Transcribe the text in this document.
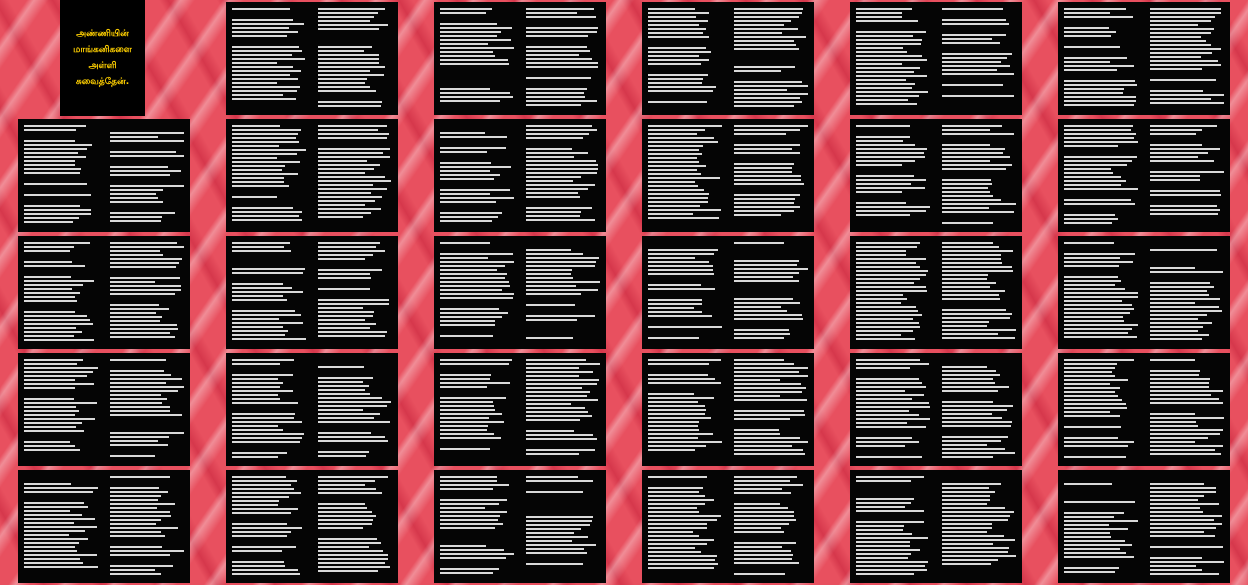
அண்ணியின்
மாங்கனிகளை
அள்ளி
சுவைத்தேன்.
